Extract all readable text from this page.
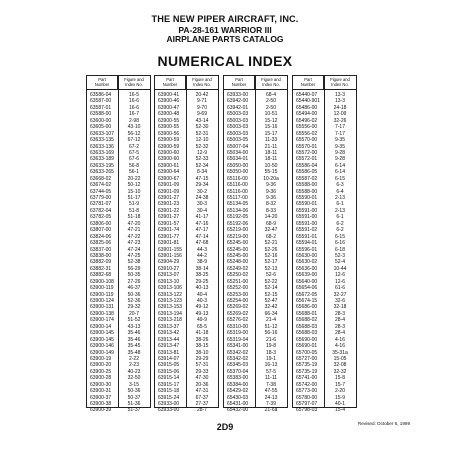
THE NEW PIPER AIRCRAFT, INC.
PA-28-161 WARRIOR III
AIRPLANE PARTS CATALOG
NUMERICAL INDEX
Part
Number
Figure and
Index No.
63586-04	16-5
63587-00	16-6
63587-01	16-6
63588-00	16-7
63600-00	2-98
63605-00	43-10
63633-107	56-12
63633-135	67-12
63633-136	67-2
63633-169	67-5
63633-189	67-6
63633-195	56-8
63633-265	56-1
63668-02	20-22
63674-02	50-12
63744-05	15-10
63779-00	51-17
63781-07	51-9
63782-04	51-8
63782-05	51-18
63806-00	47-20
63807-00	47-21
63824-06	47-22
63825-06	47-23
63837-00	47-24
63838-00	47-25
63882-09	52-38
63882-31	56-29
63882-68	50-35
63900-108	27-26
63900-119	46-37
63900-119	50-36
63900-124	52-36
63900-131	29-32
63900-138	20-7
63900-174	51-52
63900-14	43-13
63900-145	35-46
63900-145	35-46
63900-146	35-45
63900-149	35-48
63900-19	2-22
63900-20	2-23
63900-25	40-23
63900-28	32-50
63900-30	3-15
63900-31	50-36
63900-37	50-37
63900-38	51-36
63900-39	51-37
Part
Number
Figure and
Index No.
63900-41	20-42
63900-46	9-71
63900-47	9-70
63900-48	9-69
63900-55	43-14
63900-55	52-30
63900-56	52-31
63900-59	12-10
63900-59	52-32
63900-60	12-9
63900-60	52-33
63900-61	52-34
63900-64	8-34
63900-67	47-15
63901-09	29-34
63901-09	30-2
63901-27	24-38
63901-23	30-3
63901-22	30-4
63901-27	41-17
63901-57	47-16
63901-74	47-17
63901-77	47-14
63901-81	47-68
63901-155	44-3
63901-156	44-2
63904-29	38-9
63910-27	38-14
63913-07	38-25
63913-10	29-25
63913-106	40-13
63913-122	40-4
63913-123	40-3
63913-153	49-12
63913-194	49-13
63913-218	49-9
63913-37	65-5
63913-42	41-18
63913-44	38-26
63913-47	38-15
63913-81	38-10
63914-07	29-29
63915-05	57-31
63915-06	29-33
63915-14	47-30
63915-17	20-36
63915-18	47-31
63915-24	67-37
63933-00	27-37
63933-00	28-7
Part
Number
Figure and
Index No.
63933-00	68-4
63942-00	2-50
63942-01	2-50
65003-03	10-51
65003-03	15-12
65003-03	15-16
65003-03	15-17
65003-05	11-33
65007-04	21-11
65034-00	18-11
65034-01	18-11
65050-00	10-50
65050-00	55-15
65116-00	10-20a
65116-00	9-36
65116-00	9-36
65117-00	9-36
65134-05	8-32
65134-06	8-33
65192-05	14-20
65192-06	68-9
65219-00	32-47
65219-00	68-2
65245-00	52-21
65245-00	52-26
65245-00	52-16
65248-00	52-17
65249-02	52-13
65250-02	52-6
65251-00	52-22
65252-00	52-14
65253-00	52-15
65254-00	52-47
65269-02	32-42
65269-02	66-34
65276-02	21-4
65310-00	51-12
65319-00	56-16
65319-04	21-6
65341-00	19-8
65342-02	18-3
65342-02	19-1
65345-03	16-13
65370-04	57-5
65383-00	11-11
65384-00	7-38
65429-02	47-55
65430-03	24-13
65431-00	7-39
65432-00	21-6a
Part
Number
Figure and
Index No.
65440-07	13-3
65440-901	13-3
65486-00	24-18
65494-00	12-09
65496-02	32-26
65556-00	7-17
65556-02	7-17
65570-00	9-35
65570-01	9-35
65572-00	9-28
65572-01	9-28
65586-04	6-14
65586-05	6-14
65587-02	6-15
65588-00	6-3
65588-00	6-4
65590-01	2-13
65590-01	6-1
65591-00	2-13
65591-00	6-1
65591-00	6-2
65591-02	6-2
65591-01	6-15
65594-01	6-16
65596-01	6-18
65630-00	52-3
65630-02	52-4
65636-00	10-44
65639-00	12-6
65640-00	12-6
65654-06	61-6
65672-05	32-27
65674-15	32-6
65686-00	32-18
65688-01	28-3
65688-02	28-4
65688-03	28-3
65688-03	28-4
65690-00	4-16
65690-01	4-16
65700-05	35-31a
65727-00	15-05
65735-19	32-08
65735-19	32-32
65741-00	15-8
65742-00	15-7
65773-00	2-20
65780-00	15-9
65797-07	40-1
65798-03	15-4
2D9	Revised: October 6, 1999
